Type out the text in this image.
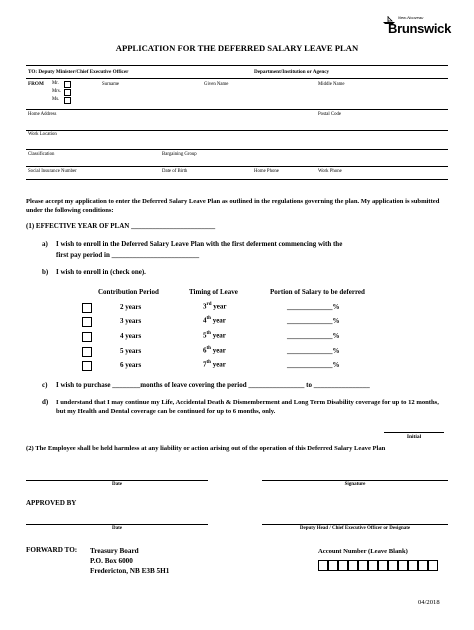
New-Nouveau
Brunswick
APPLICATION FOR THE DEFERRED SALARY LEAVE PLAN
TO: Deputy Minister/Chief Executive Officer	Department/Institution or Agency
FROM Mr.
Mrs.
Ms.
Surname	Given Name	Middle Name
Home Address	Postal Code
Work Location
Classification	Bargaining Group
Social Insurance Number	Date of Birth	Home Phone	Work Phone
Please accept my application to enter the Deferred Salary Leave Plan as outlined in the regulations governing the plan. My application is submitted under the following conditions:
(1) EFFECTIVE YEAR OF PLAN ________________________
a) I wish to enroll in the Deferred Salary Leave Plan with the first deferment commencing with the
first pay period in _________________________
b) I wish to enroll in (check one).
Contribution Period	Timing of Leave	Portion of Salary to be deferred
2 years	3rd year	_____________%
3 years	4th year	_____________%
4 years	5th year	_____________%
5 years	6th year	_____________%
6 years	7th year	_____________%
c) I wish to purchase ________months of leave covering the period ________________ to ________________
d) I understand that I may continue my Life, Accidental Death & Dismemberment and Long Term Disability coverage for up to 12 months, but my Health and Dental coverage can be continued for up to 6 months, only.
Initial
(2) The Employee shall be held harmless at any liability or action arising out of the operation of this Deferred Salary Leave Plan
Date	Signature
APPROVED BY
Date	Deputy Head / Chief Executive Officer or Designate
FORWARD TO: Treasury Board
P.O. Box 6000
Fredericton, NB E3B 5H1
Account Number (Leave Blank)
04/2018
